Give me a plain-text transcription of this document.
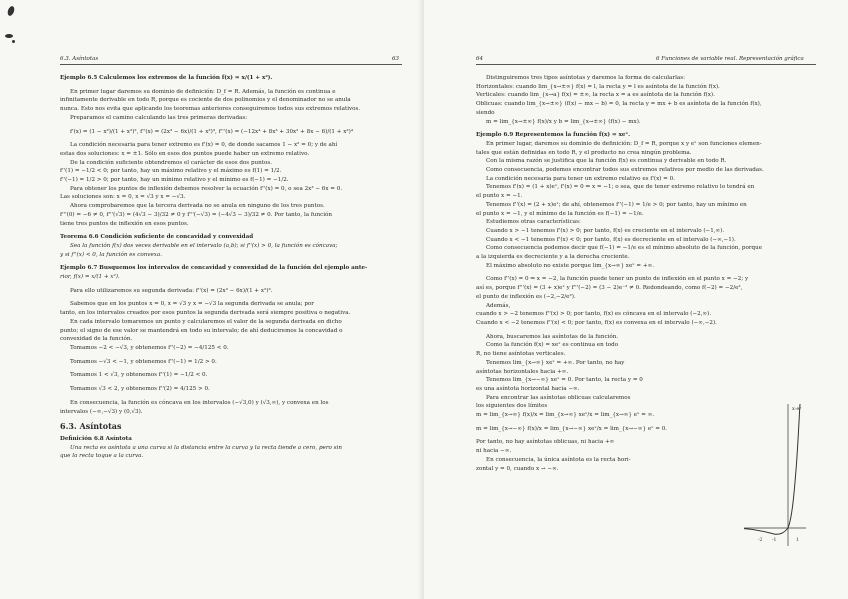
6.3. Asíntotas	63

Ejemplo 6.5 Calculemos los extremos de la función f(x) = x/(1 + x²).

En primer lugar daremos su dominio de definición: D_f = R. Además, la función es continua e

infinitamente derivable en todo R, porque es cociente de dos polinomios y el denominador no se anula

nunca. Esto nos evita que aplicando los teoremas anteriores conseguiremos todos sus extremos relativos.

Preparamos el camino calculando las tres primeras derivadas:

f'(x) = (1 − x²)/(1 + x²)², f''(x) = (2x³ − 6x)/(1 + x²)³, f'''(x) = (−12x⁴ + 8x³ + 30x² + 8x − 6)/(1 + x²)⁴

La condición necesaria para tener extremo es f'(x) = 0, de donde sacamos 1 − x² = 0; y de ahí

estas dos soluciones: x = ±1. Sólo en esos dos puntos puede haber un extremo relativo.

De la condición suficiente obtendremos el carácter de esos dos puntos.

f''(1) = −1/2 < 0; por tanto, hay un máximo relativo y el máximo es f(1) = 1/2.

f''(−1) = 1/2 > 0; por tanto, hay un mínimo relativo y el mínimo es f(−1) = −1/2.

Para obtener los puntos de inflexión debemos resolver la ecuación f''(x) = 0, o sea 2x³ − 6x = 0.

Las soluciones son: x = 0, x = √3 y x = −√3.

Ahora comprobaremos que la tercera derivada no se anula en ninguno de los tres puntos.

f'''(0) = −6 ≠ 0, f'''(√3) = (4√3 − 3)/32 ≠ 0 y f'''(−√3) = (−4√3 − 3)/32 ≠ 0. Por tanto, la función

tiene tres puntos de inflexión en esos puntos.

Teorema 6.6 Condición suficiente de concavidad y convexidad

Sea la función f(x) dos veces derivable en el intervalo (a,b); si f''(x) > 0, la función es cóncava;

y si f''(x) < 0, la función es convexa.

Ejemplo 6.7 Busquemos los intervalos de concavidad y convexidad de la función del ejemplo ante-

rior, f(x) = x/(1 + x²).

Para ello utilizaremos su segunda derivada: f''(x) = (2x³ − 6x)/(1 + x²)³.

Sabemos que en los puntos x = 0, x = √3 y x = −√3 la segunda derivada se anula; por

tanto, en los intervalos creados por esos puntos la segunda derivada será siempre positiva o negativa.

En cada intervalo tomaremos un punto y calcularemos el valor de la segunda derivada en dicho

punto; el signo de ese valor se mantendrá en todo su intervalo; de ahí deduciremos la concavidad o

convexidad de la función.

Tomamos −2 < −√3, y obtenemos f''(−2) = −4/125 < 0.

Tomamos −√3 < −1, y obtenemos f''(−1) = 1/2 > 0.

Tomamos 1 < √3, y obtenemos f''(1) = −1/2 < 0.

Tomamos √3 < 2, y obtenemos f''(2) = 4/125 > 0.

En consecuencia, la función es cóncava en los intervalos (−√3,0) y (√3,∞), y convexa en los

intervalos (−∞,−√3) y (0,√3).

6.3. Asíntotas

Definición 6.8 Asíntota

Una recta es asíntota a una curva si la distancia entre la curva y la recta tiende a cero, pero sin

que la recta toque a la curva.

64	6 Funciones de variable real. Representación gráfica

Distinguiremos tres tipos asíntotas y daremos la forma de calcularlas:

Horizontales: cuando lim_{x→±∞} f(x) = l, la recta y = l es asíntota de la función f(x).

Verticales: cuando lim_{x→a} f(x) = ±∞, la recta x = a es asíntota de la función f(x).

Oblicuas: cuando lim_{x→±∞} (f(x) − mx − b) = 0, la recta y = mx + b es asíntota de la función f(x),

siendo

m = lim_{x→±∞} f(x)/x y b = lim_{x→±∞} (f(x) − mx).

Ejemplo 6.9 Representemos la función f(x) = xeˣ.

En primer lugar, daremos su dominio de definición: D_f = R, porque x y eˣ son funciones elemen-

tales que están definidas en todo R, y el producto no crea ningún problema.

Con la misma razón se justifica que la función f(x) es continua y derivable en todo R.

Como consecuencia, podemos encontrar todos sus extremos relativos por medio de las derivadas.

La condición necesaria para tener un extremo relativo es f'(x) = 0.

Tenemos f'(x) = (1 + x)eˣ, f'(x) = 0 ⇒ x = −1; o sea, que de tener extremo relativo lo tendrá en

el punto x = −1.

Tenemos f''(x) = (2 + x)eˣ; de ahí, obtenemos f''(−1) = 1/e > 0; por tanto, hay un mínimo en

el punto x = −1, y el mínimo de la función es f(−1) = −1/e.

Estudiemos otras características:

Cuando x > −1 tenemos f'(x) > 0; por tanto, f(x) es creciente en el intervalo (−1,∞).

Cuando x < −1 tenemos f'(x) < 0; por tanto, f(x) es decreciente en el intervalo (−∞,−1).

Como consecuencia podemos decir que f(−1) = −1/e es el mínimo absoluto de la función, porque

a la izquierda es decreciente y a la derecha creciente.

El máximo absoluto no existe porque lim_{x→∞} xeˣ = +∞.

Como f''(x) = 0 ⇒ x = −2, la función puede tener un punto de inflexión en el punto x = −2; y

así es, porque f'''(x) = (3 + x)eˣ y f'''(−2) = (3 − 2)e⁻² ≠ 0. Redondeando, como f(−2) = −2/e²,

el punto de inflexión es (−2,−2/e²).

Además,

cuando x > −2 tenemos f''(x) > 0; por tanto, f(x) es cóncava en el intervalo (−2,∞).

Cuando x < −2 tenemos f''(x) < 0; por tanto, f(x) es convexa en el intervalo (−∞,−2).

Ahora, buscaremos las asíntotas de la función.

Como la función f(x) = xeˣ es continua en todo

R, no tiene asíntotas verticales.

Tenemos lim_{x→∞} xeˣ = +∞. Por tanto, no hay

asíntotas horizontales hacia +∞.

Tenemos lim_{x→−∞} xeˣ = 0. Por tanto, la recta y = 0

es una asíntota horizontal hacia −∞.

Para encontrar las asíntotas oblicuas calcularemos

los siguientes dos límites

m = lim_{x→∞} f(x)/x = lim_{x→∞} xeˣ/x = lim_{x→∞} eˣ = ∞.

m = lim_{x→−∞} f(x)/x = lim_{x→−∞} xeˣ/x = lim_{x→−∞} eˣ = 0.

Por tanto, no hay asíntotas oblicuas, ni hacia +∞

ni hacia −∞.

En consecuencia, la única asíntota es la recta hori-

zontal y = 0, cuando x → −∞.

x·eˣ
-1
-2	1
